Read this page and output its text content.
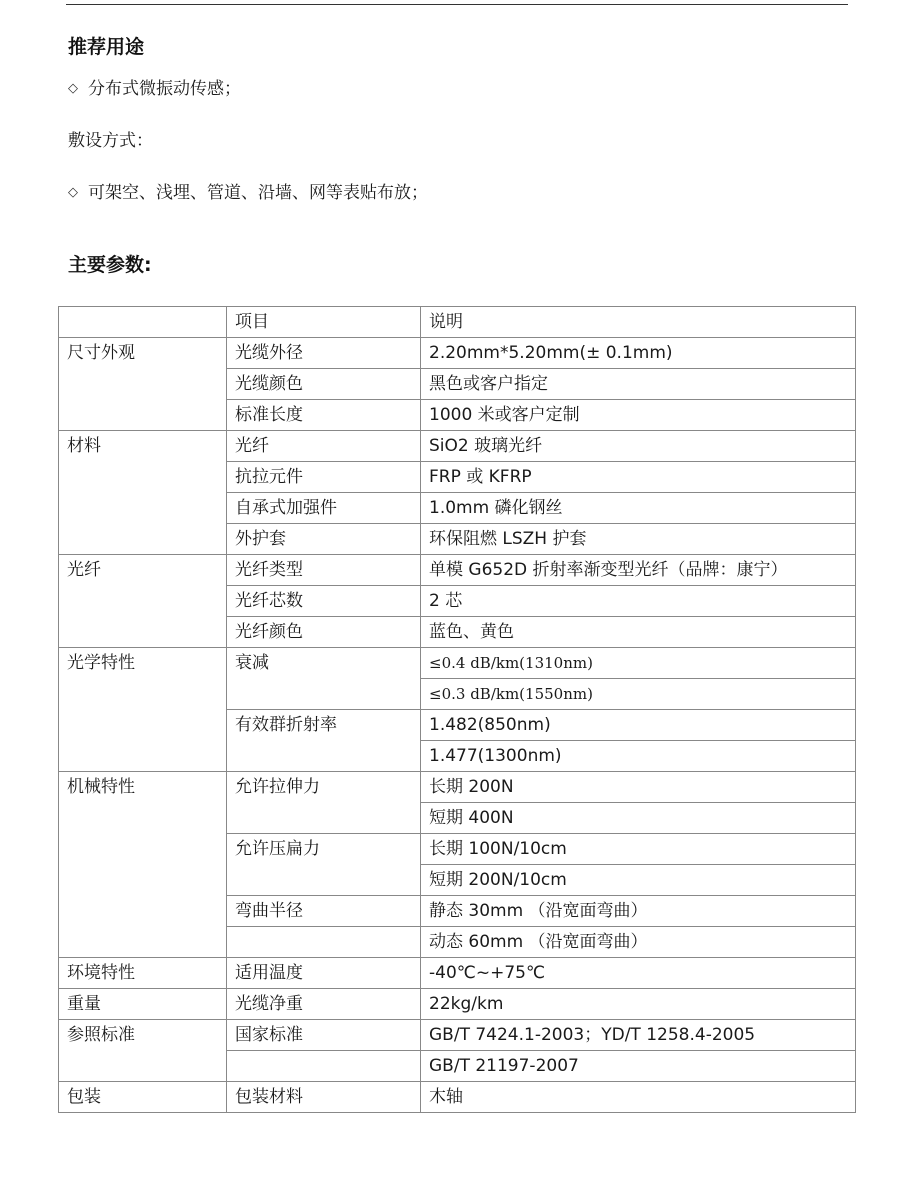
推荐用途

◇ 分布式微振动传感；

敷设方式：

◇ 可架空、浅埋、管道、沿墙、网等表贴布放；

主要参数:
	项目	说明
尺寸外观	光缆外径	2.20mm*5.20mm(± 0.1mm)
	光缆颜色	黑色或客户指定
	标准长度	1000 米或客户定制
材料	光纤	SiO2 玻璃光纤
	抗拉元件	FRP 或 KFRP
	自承式加强件	1.0mm 磷化钢丝
	外护套	环保阻燃 LSZH 护套
光纤	光纤类型	单模 G652D 折射率渐变型光纤（品牌：康宁）
	光纤芯数	2 芯
	光纤颜色	蓝色、黄色
光学特性	衰减	≤0.4 dB/km(1310nm)
		≤0.3 dB/km(1550nm)
	有效群折射率	1.482(850nm)
		1.477(1300nm)
机械特性	允许拉伸力	长期 200N
		短期 400N
	允许压扁力	长期 100N/10cm
		短期 200N/10cm
	弯曲半径	静态 30mm （沿宽面弯曲）
		动态 60mm （沿宽面弯曲）
环境特性	适用温度	-40℃~+75℃
重量	光缆净重	22kg/km
参照标准	国家标准	GB/T 7424.1-2003；YD/T 1258.4-2005
		GB/T 21197-2007
包装	包装材料	木轴
